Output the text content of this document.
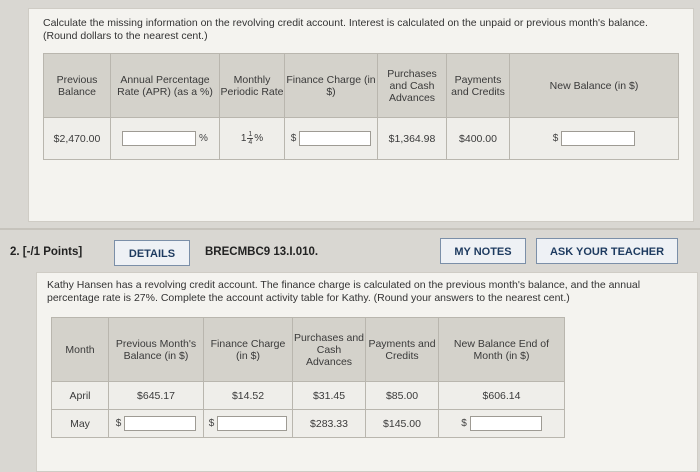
Calculate the missing information on the revolving credit account. Interest is calculated on the unpaid or previous month's balance. (Round dollars to the nearest cent.)
Previous Balance	Annual Percentage Rate (APR) (as a %)	Monthly Periodic Rate	Finance Charge (in $)	Purchases and Cash Advances	Payments and Credits	New Balance (in $)
$2,470.00	%	$1 \frac{1}{4}$ %	$	$1,364.98	$400.00	$
2. [-/1 Points]	DETAILS	BRECMBC9 13.I.010.	MY NOTES	ASK YOUR TEACHER
Kathy Hansen has a revolving credit account. The finance charge is calculated on the previous month's balance, and the annual percentage rate is 27%. Complete the account activity table for Kathy. (Round your answers to the nearest cent.)
Month	Previous Month's Balance (in $)	Finance Charge (in $)	Purchases and Cash Advances	Payments and Credits	New Balance End of Month (in $)
April	$645.17	$14.52	$31.45	$85.00	$606.14
May	$	$	$283.33	$145.00	$
